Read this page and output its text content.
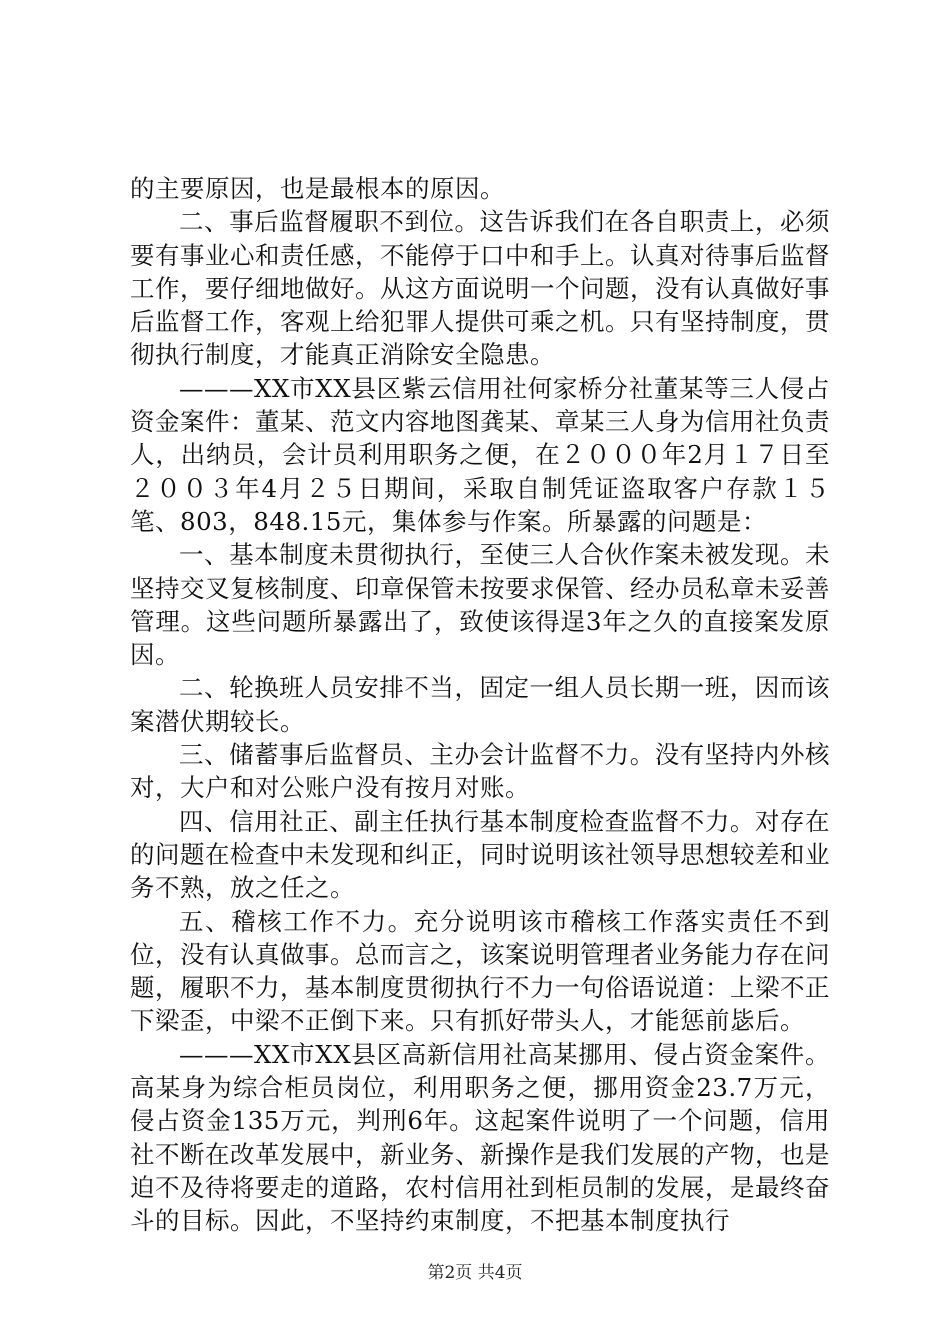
的主要原因，也是最根本的原因。

二、事后监督履职不到位。这告诉我们在各自职责上，必须要有事业心和责任感，不能停于口中和手上。认真对待事后监督工作，要仔细地做好。从这方面说明一个问题，没有认真做好事后监督工作，客观上给犯罪人提供可乘之机。只有坚持制度，贯彻执行制度，才能真正消除安全隐患。

———XX市XX县区紫云信用社何家桥分社董某等三人侵占资金案件：董某、范文内容地图龚某、章某三人身为信用社负责人，出纳员，会计员利用职务之便，在２０００年2月１７日至２００３年4月２５日期间，采取自制凭证盗取客户存款１５笔、803，848.15元，集体参与作案。所暴露的问题是：

一、基本制度未贯彻执行，至使三人合伙作案未被发现。未坚持交叉复核制度、印章保管未按要求保管、经办员私章未妥善管理。这些问题所暴露出了，致使该得逞3年之久的直接案发原因。

二、轮换班人员安排不当，固定一组人员长期一班，因而该案潜伏期较长。

三、储蓄事后监督员、主办会计监督不力。没有坚持内外核对，大户和对公账户没有按月对账。

四、信用社正、副主任执行基本制度检查监督不力。对存在的问题在检查中未发现和纠正，同时说明该社领导思想较差和业务不熟，放之任之。

五、稽核工作不力。充分说明该市稽核工作落实责任不到位，没有认真做事。总而言之，该案说明管理者业务能力存在问题，履职不力，基本制度贯彻执行不力一句俗语说道：上梁不正下梁歪，中梁不正倒下来。只有抓好带头人，才能惩前毖后。

———XX市XX县区高新信用社高某挪用、侵占资金案件。高某身为综合柜员岗位，利用职务之便，挪用资金23.7万元，侵占资金135万元，判刑6年。这起案件说明了一个问题，信用社不断在改革发展中，新业务、新操作是我们发展的产物，也是迫不及待将要走的道路，农村信用社到柜员制的发展，是最终奋斗的目标。因此，不坚持约束制度，不把基本制度执行

第2页 共4页
